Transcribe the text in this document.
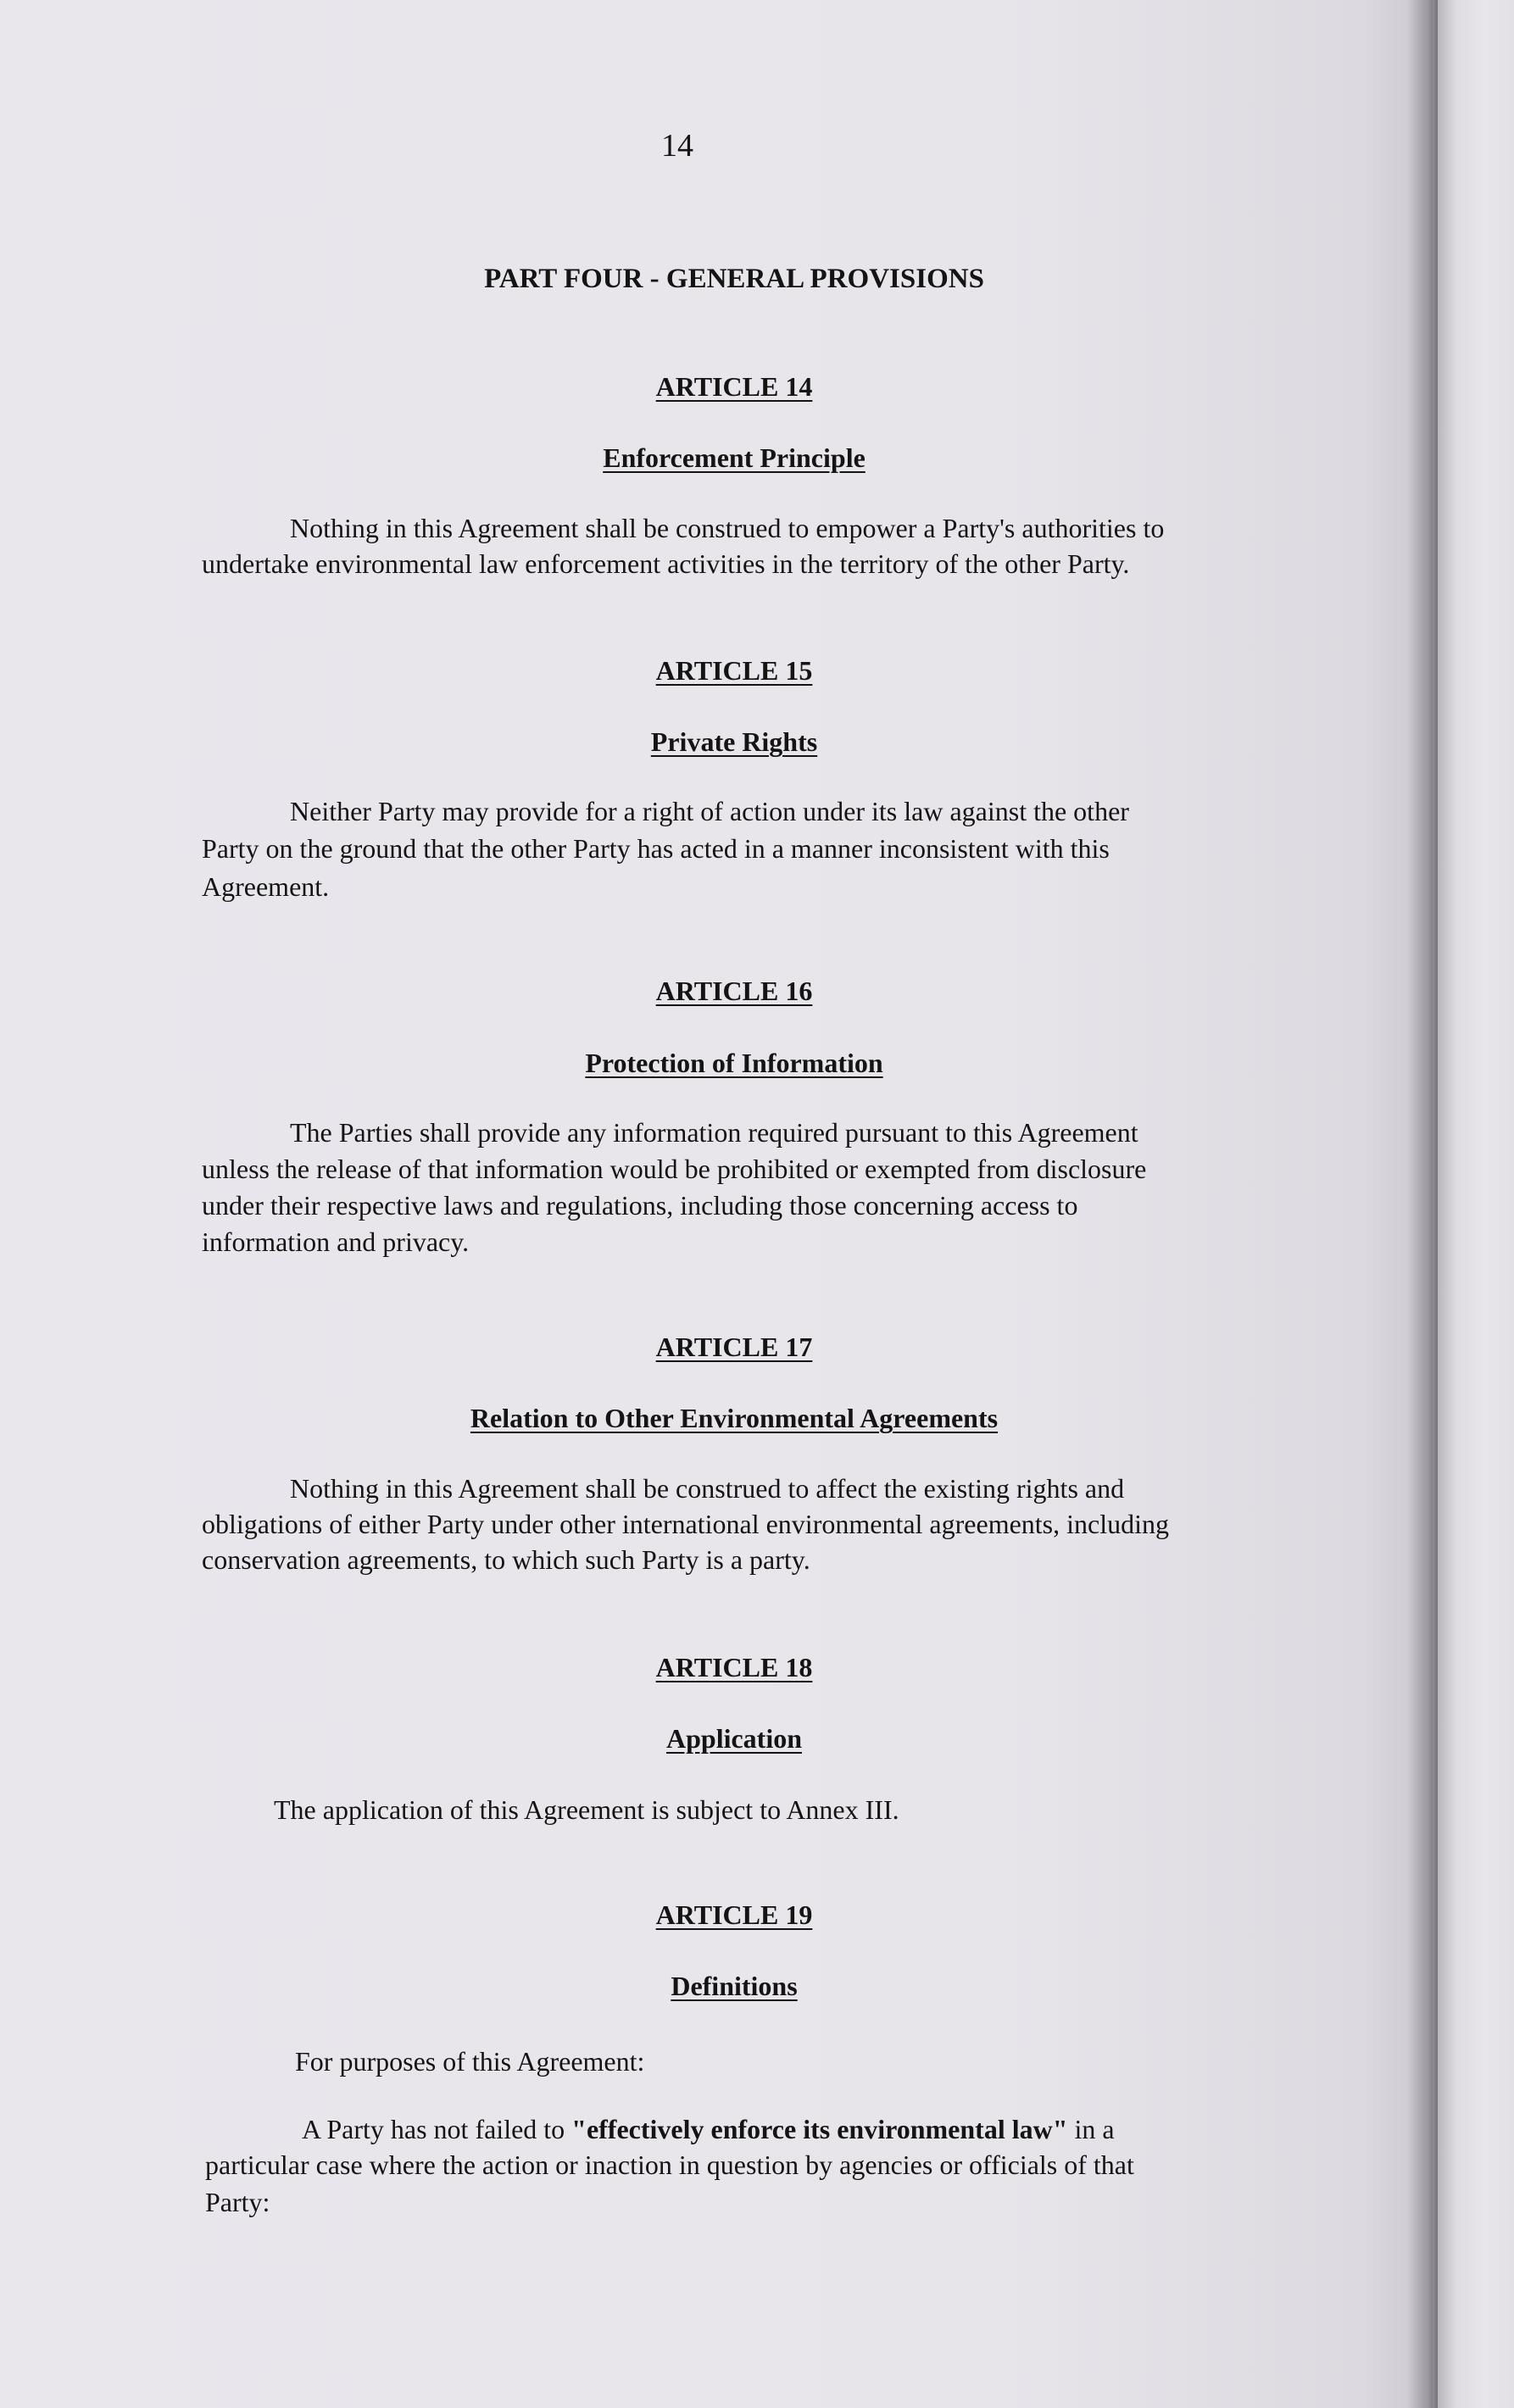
14
PART FOUR - GENERAL PROVISIONS
ARTICLE 14
Enforcement Principle
Nothing in this Agreement shall be construed to empower a Party's authorities to
undertake environmental law enforcement activities in the territory of the other Party.
ARTICLE 15
Private Rights
Neither Party may provide for a right of action under its law against the other
Party on the ground that the other Party has acted in a manner inconsistent with this
Agreement.
ARTICLE 16
Protection of Information
The Parties shall provide any information required pursuant to this Agreement
unless the release of that information would be prohibited or exempted from disclosure
under their respective laws and regulations, including those concerning access to
information and privacy.
ARTICLE 17
Relation to Other Environmental Agreements
Nothing in this Agreement shall be construed to affect the existing rights and
obligations of either Party under other international environmental agreements, including
conservation agreements, to which such Party is a party.
ARTICLE 18
Application
The application of this Agreement is subject to Annex III.
ARTICLE 19
Definitions
For purposes of this Agreement:
A Party has not failed to "effectively enforce its environmental law" in a
particular case where the action or inaction in question by agencies or officials of that
Party:
